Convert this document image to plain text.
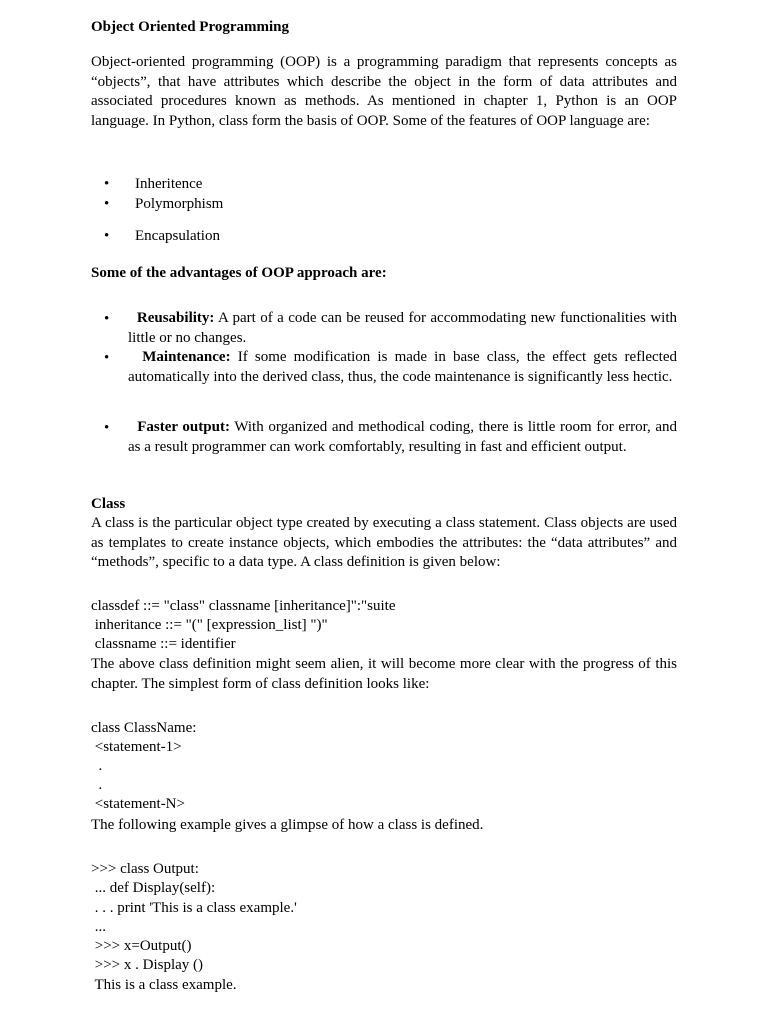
Object Oriented Programming

Object-oriented programming (OOP) is a programming paradigm that represents concepts as “objects”, that have attributes which describe the object in the form of data attributes and associated procedures known as methods. As mentioned in chapter 1, Python is an OOP language. In Python, class form the basis of OOP. Some of the features of OOP language are:

• Inheritence
• Polymorphism
• Encapsulation
Some of the advantages of OOP approach are:
•	Reusability: A part of a code can be reused for accommodating new functionalities with little or no changes.

•	Maintenance: If some modification is made in base class, the effect gets reflected automatically into the derived class, thus, the code maintenance is significantly less hectic.

•	Faster output: With organized and methodical coding, there is little room for error, and as a result programmer can work comfortably, resulting in fast and efficient output.

Class

A class is the particular object type created by executing a class statement. Class objects are used as templates to create instance objects, which embodies the attributes: the “data attributes” and “methods”, specific to a data type. A class definition is given below:

classdef ::= "class" classname [inheritance]":"suite
inheritance ::= "(" [expression_list] ")"
classname ::= identifier

The above class definition might seem alien, it will become more clear with the progress of this chapter. The simplest form of class definition looks like:

class ClassName:
<statement-1>
.
.
<statement-N>
The following example gives a glimpse of how a class is defined.
>>> class Output:
... def Display(self):
. . . print 'This is a class example.'
...
>>> x=Output()
>>> x . Display ()
This is a class example.
